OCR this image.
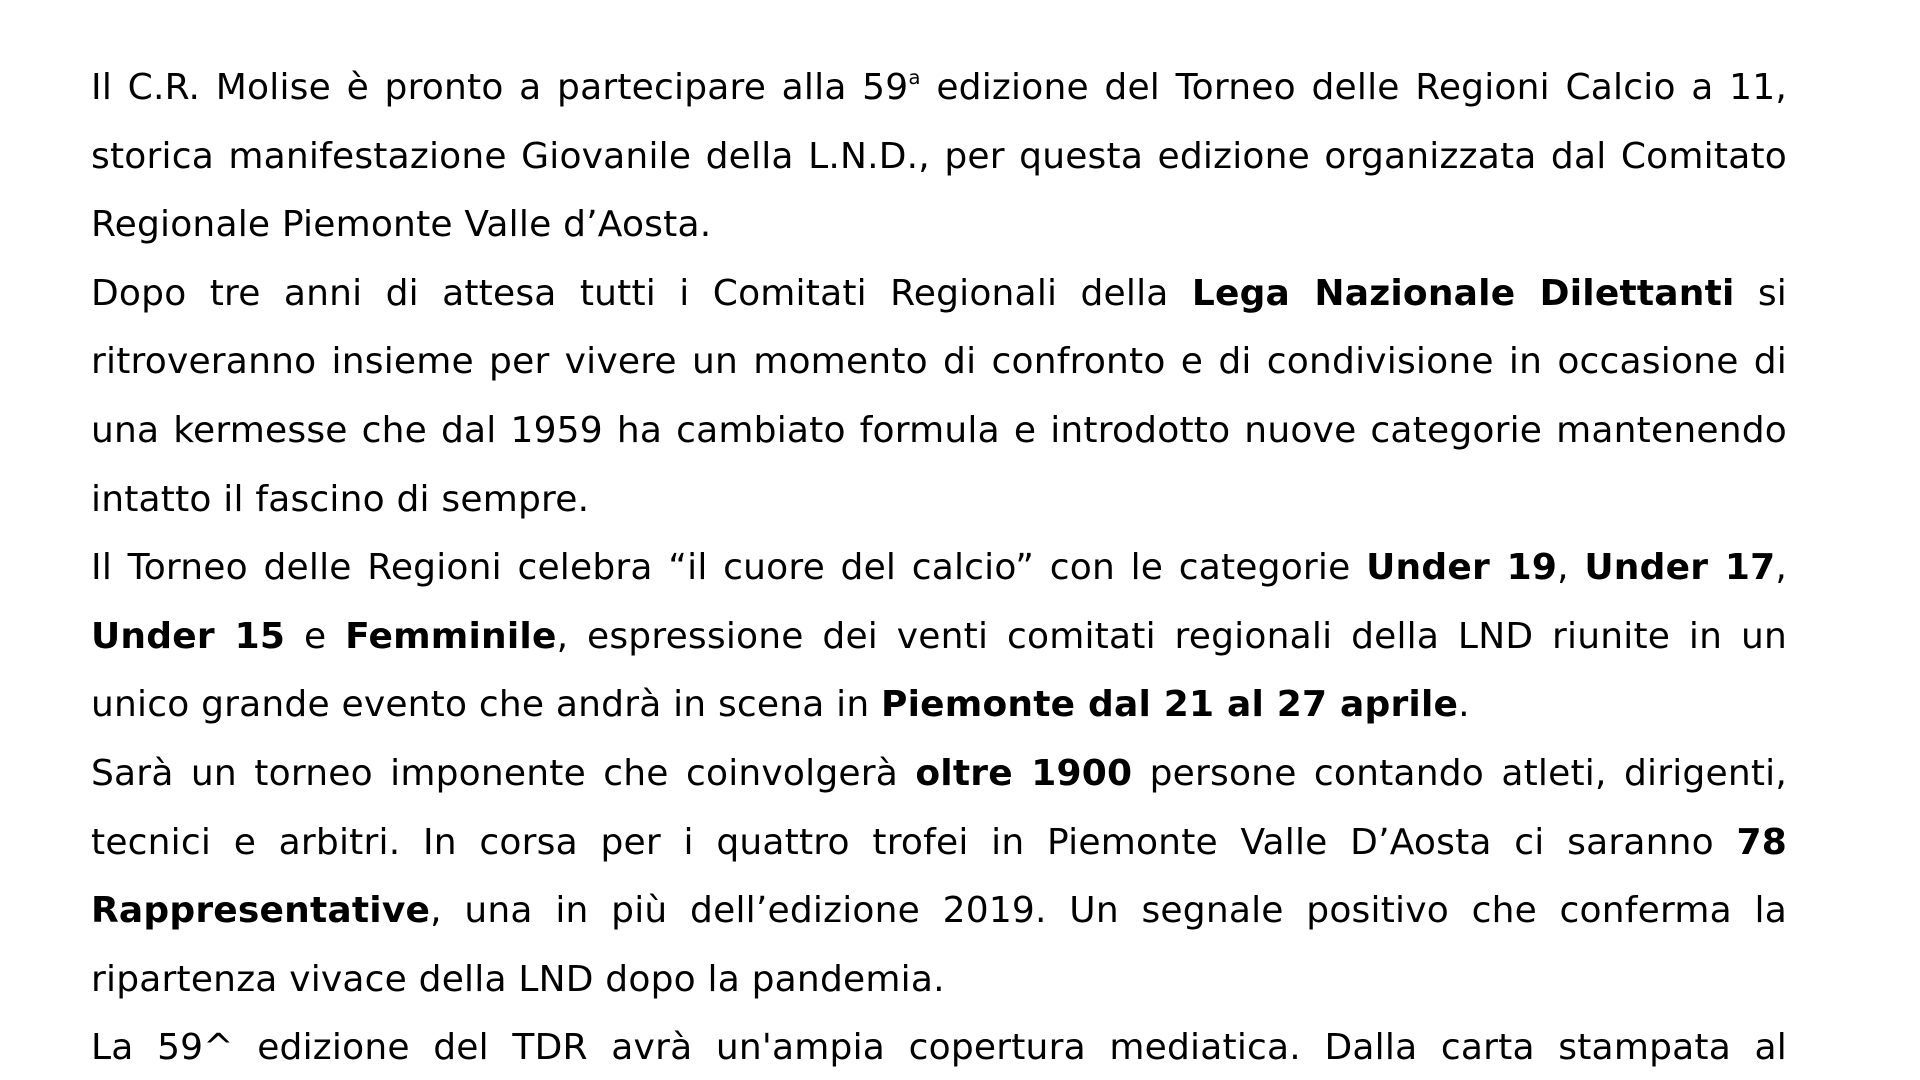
Il C.R. Molise è pronto a partecipare alla 59$^a$ edizione del Torneo delle Regioni Calcio a 11, storica manifestazione Giovanile della L.N.D., per questa edizione organizzata dal Comitato Regionale Piemonte Valle d’Aosta.

Dopo tre anni di attesa tutti i Comitati Regionali della Lega Nazionale Dilettanti si ritroveranno insieme per vivere un momento di confronto e di condivisione in occasione di una kermesse che dal 1959 ha cambiato formula e introdotto nuove categorie mantenendo intatto il fascino di sempre.

Il Torneo delle Regioni celebra “il cuore del calcio” con le categorie Under 19, Under 17, Under 15 e Femminile, espressione dei venti comitati regionali della LND riunite in un unico grande evento che andrà in scena in Piemonte dal 21 al 27 aprile.

Sarà un torneo imponente che coinvolgerà oltre 1900 persone contando atleti, dirigenti, tecnici e arbitri. In corsa per i quattro trofei in Piemonte Valle D’Aosta ci saranno 78 Rappresentative, una in più dell’edizione 2019. Un segnale positivo che conferma la ripartenza vivace della LND dopo la pandemia.

La 59^ edizione del TDR avrà un'ampia copertura mediatica. Dalla carta stampata al
